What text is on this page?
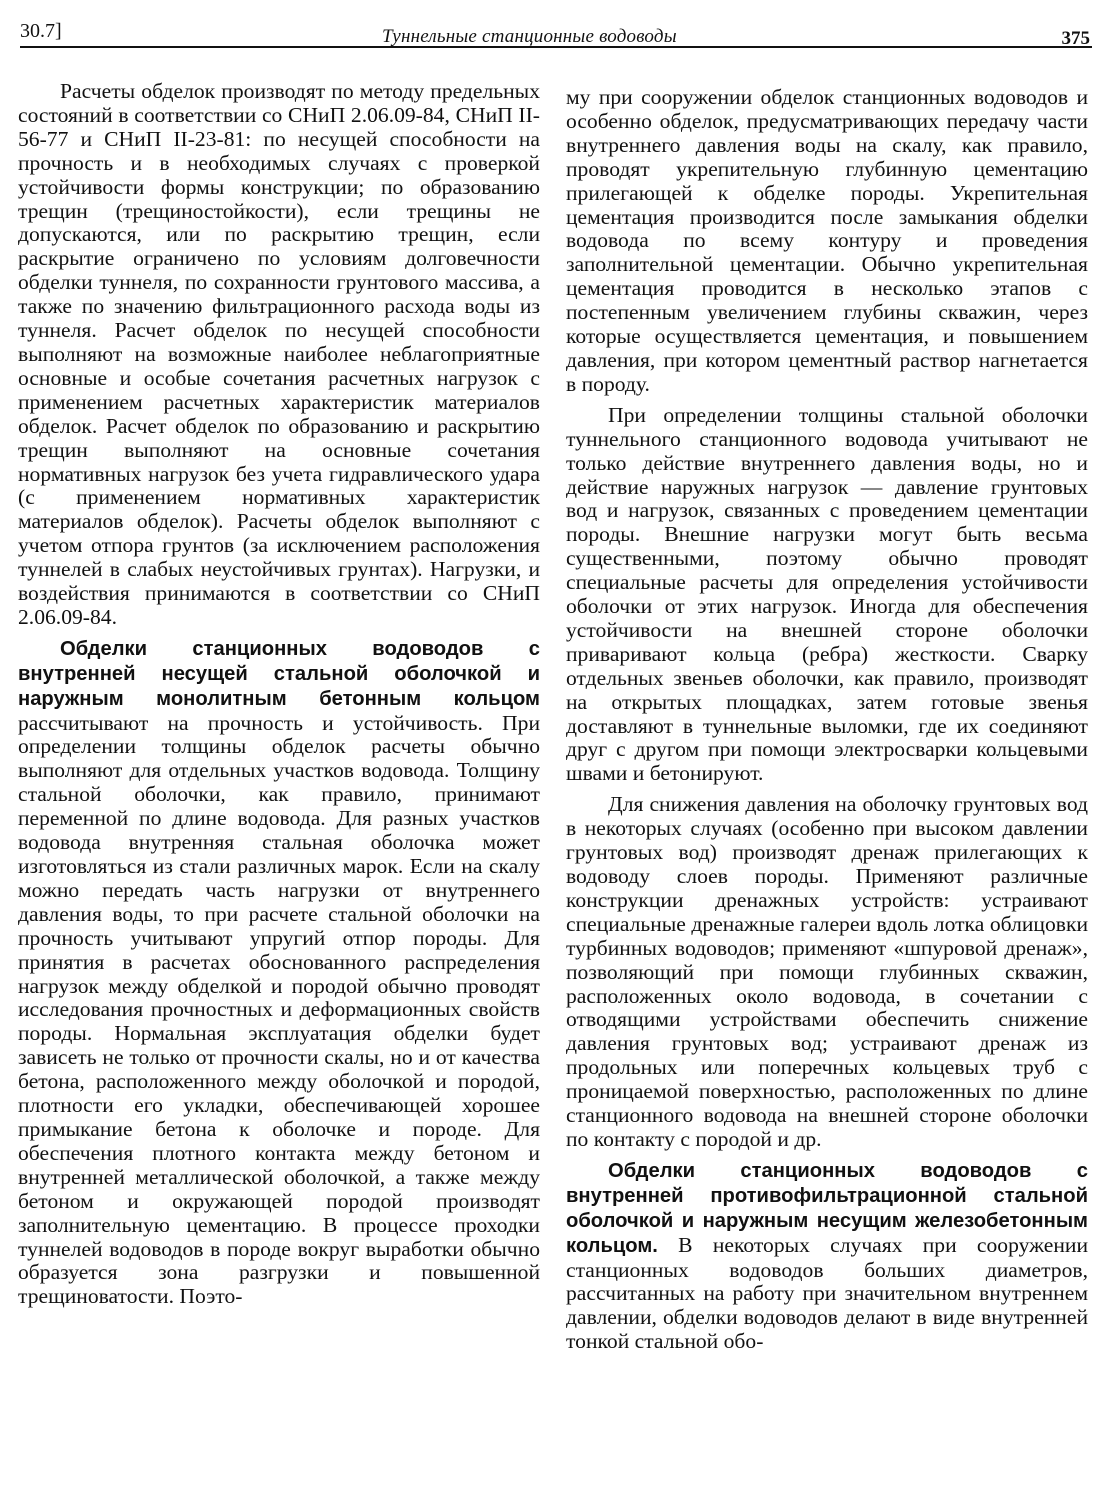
30.7]	Туннельные станционные водоводы	375

Расчеты обделок производят по методу предельных состояний в соответствии со СНиП 2.06.09-84, СНиП II-56-77 и СНиП II-23-81: по несущей способности на прочность и в необходимых случаях с проверкой устойчивости формы конструкции; по образованию трещин (трещиностойкости), если трещины не допускаются, или по раскрытию трещин, если раскрытие ограничено по условиям долговечности обделки туннеля, по сохранности грунтового массива, а также по значению фильтрационного расхода воды из туннеля. Расчет обделок по несущей способности выполняют на возможные наиболее неблагоприятные основные и особые сочетания расчетных нагрузок с применением расчетных характеристик материалов обделок. Расчет обделок по образованию и раскрытию трещин выполняют на основные сочетания нормативных нагрузок без учета гидравлического удара (с применением нормативных характеристик материалов обделок). Расчеты обделок выполняют с учетом отпора грунтов (за исключением расположения туннелей в слабых неустойчивых грунтах). Нагрузки, и воздействия принимаются в соответствии со СНиП 2.06.09-84.

Обделки станционных водоводов с внутренней несущей стальной оболочкой и наружным монолитным бетонным кольцом рассчитывают на прочность и устойчивость. При определении толщины обделок расчеты обычно выполняют для отдельных участков водовода. Толщину стальной оболочки, как правило, принимают переменной по длине водовода. Для разных участков водовода внутренняя стальная оболочка может изготовляться из стали различных марок. Если на скалу можно передать часть нагрузки от внутреннего давления воды, то при расчете стальной оболочки на прочность учитывают упругий отпор породы. Для принятия в расчетах обоснованного распределения нагрузок между обделкой и породой обычно проводят исследования прочностных и деформационных свойств породы. Нормальная эксплуатация обделки будет зависеть не только от прочности скалы, но и от качества бетона, расположенного между оболочкой и породой, плотности его укладки, обеспечивающей хорошее примыкание бетона к оболочке и породе. Для обеспечения плотного контакта между бетоном и внутренней металлической оболочкой, а также между бетоном и окружающей породой производят заполнительную цементацию. В процессе проходки туннелей водоводов в породе вокруг выработки обычно образуется зона разгрузки и повышенной трещиноватости. Поэто-

му при сооружении обделок станционных водоводов и особенно обделок, предусматривающих передачу части внутреннего давления воды на скалу, как правило, проводят укрепительную глубинную цементацию прилегающей к обделке породы. Укрепительная цементация производится после замыкания обделки водовода по всему контуру и проведения заполнительной цементации. Обычно укрепительная цементация проводится в несколько этапов с постепенным увеличением глубины скважин, через которые осуществляется цементация, и повышением давления, при котором цементный раствор нагнетается в породу.

При определении толщины стальной оболочки туннельного станционного водовода учитывают не только действие внутреннего давления воды, но и действие наружных нагрузок — давление грунтовых вод и нагрузок, связанных с проведением цементации породы. Внешние нагрузки могут быть весьма существенными, поэтому обычно проводят специальные расчеты для определения устойчивости оболочки от этих нагрузок. Иногда для обеспечения устойчивости на внешней стороне оболочки приваривают кольца (ребра) жесткости. Сварку отдельных звеньев оболочки, как правило, производят на открытых площадках, затем готовые звенья доставляют в туннельные выломки, где их соединяют друг с другом при помощи электросварки кольцевыми швами и бетонируют.

Для снижения давления на оболочку грунтовых вод в некоторых случаях (особенно при высоком давлении грунтовых вод) производят дренаж прилегающих к водоводу слоев породы. Применяют различные конструкции дренажных устройств: устраивают специальные дренажные галереи вдоль лотка облицовки турбинных водоводов; применяют «шпуровой дренаж», позволяющий при помощи глубинных скважин, расположенных около водовода, в сочетании с отводящими устройствами обеспечить снижение давления грунтовых вод; устраивают дренаж из продольных или поперечных кольцевых труб с проницаемой поверхностью, расположенных по длине станционного водовода на внешней стороне оболочки по контакту с породой и др.

Обделки станционных водоводов с внутренней противофильтрационной стальной оболочкой и наружным несущим железобетонным кольцом. В некоторых случаях при сооружении станционных водоводов больших диаметров, рассчитанных на работу при значительном внутреннем давлении, обделки водоводов делают в виде внутренней тонкой стальной обо-
